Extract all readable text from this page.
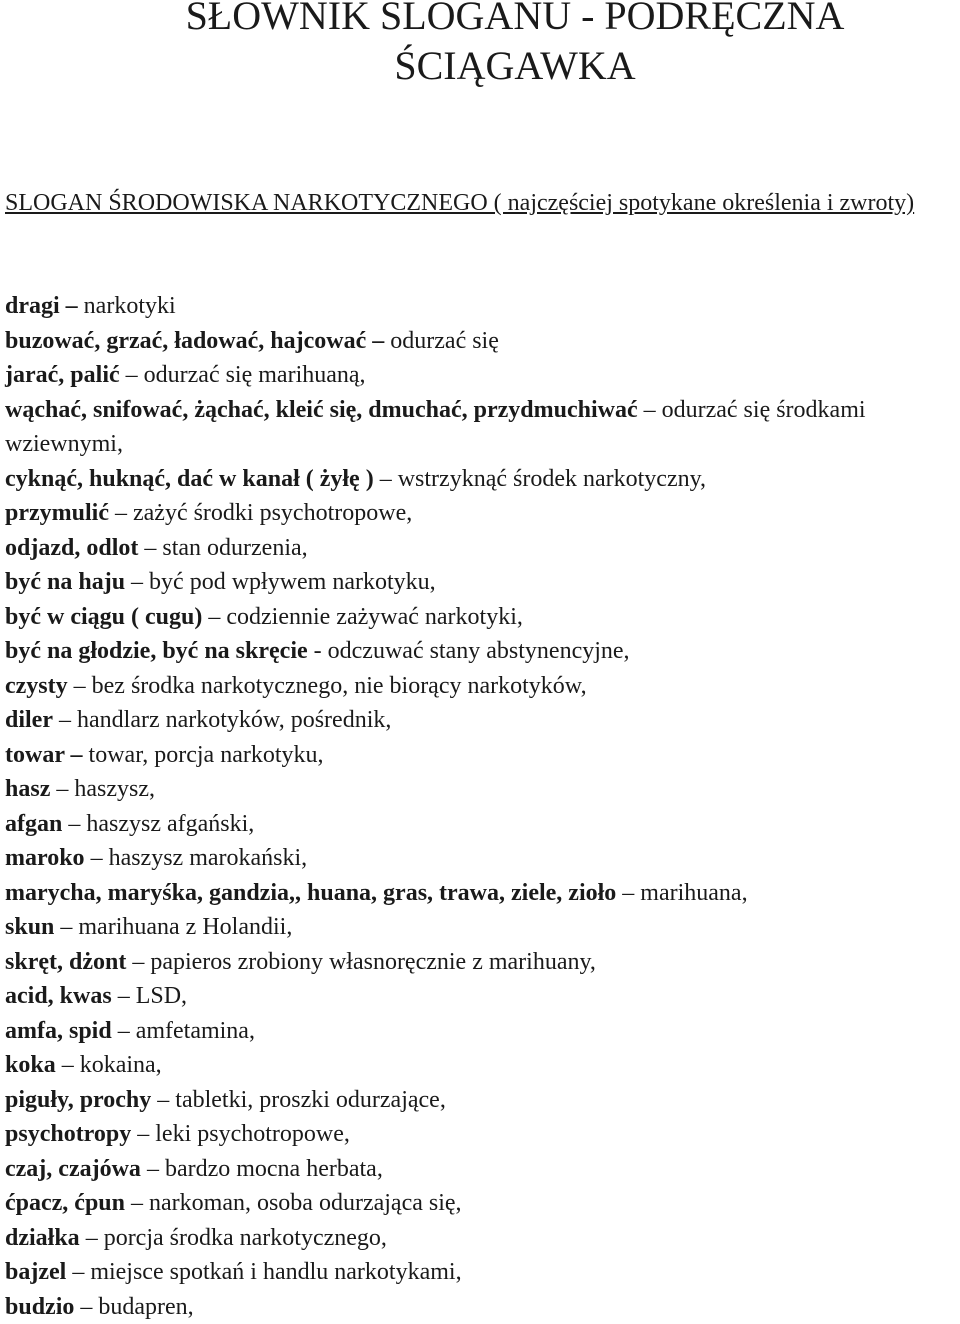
SŁOWNIK SLOGANU - PODRĘCZNA
ŚCIĄGAWKA

SLOGAN ŚRODOWISKA NARKOTYCZNEGO ( najczęściej spotykane określenia i zwroty)

dragi – narkotyki
buzować, grzać, ładować, hajcować – odurzać się
jarać, palić – odurzać się marihuaną,
wąchać, snifować, żąchać, kleić się, dmuchać, przydmuchiwać – odurzać się środkami wziewnymi,
cyknąć, huknąć, dać w kanał ( żyłę ) – wstrzyknąć środek narkotyczny,
przymulić – zażyć środki psychotropowe,
odjazd, odlot – stan odurzenia,
być na haju – być pod wpływem narkotyku,
być w ciągu ( cugu) – codziennie zażywać narkotyki,
być na głodzie, być na skręcie - odczuwać stany abstynencyjne,
czysty – bez środka narkotycznego, nie biorący narkotyków,
diler – handlarz narkotyków, pośrednik,
towar – towar, porcja narkotyku,
hasz – haszysz,
afgan – haszysz afgański,
maroko – haszysz marokański,
marycha, maryśka, gandzia,, huana, gras, trawa, ziele, zioło – marihuana,
skun – marihuana z Holandii,
skręt, dżont – papieros zrobiony własnoręcznie z marihuany,
acid, kwas – LSD,
amfa, spid – amfetamina,
koka – kokaina,
piguły, prochy – tabletki, proszki odurzające,
psychotropy – leki psychotropowe,
czaj, czajówa – bardzo mocna herbata,
ćpacz, ćpun – narkoman, osoba odurzająca się,
działka – porcja środka narkotycznego,
bajzel – miejsce spotkań i handlu narkotykami,
budzio – budapren,
